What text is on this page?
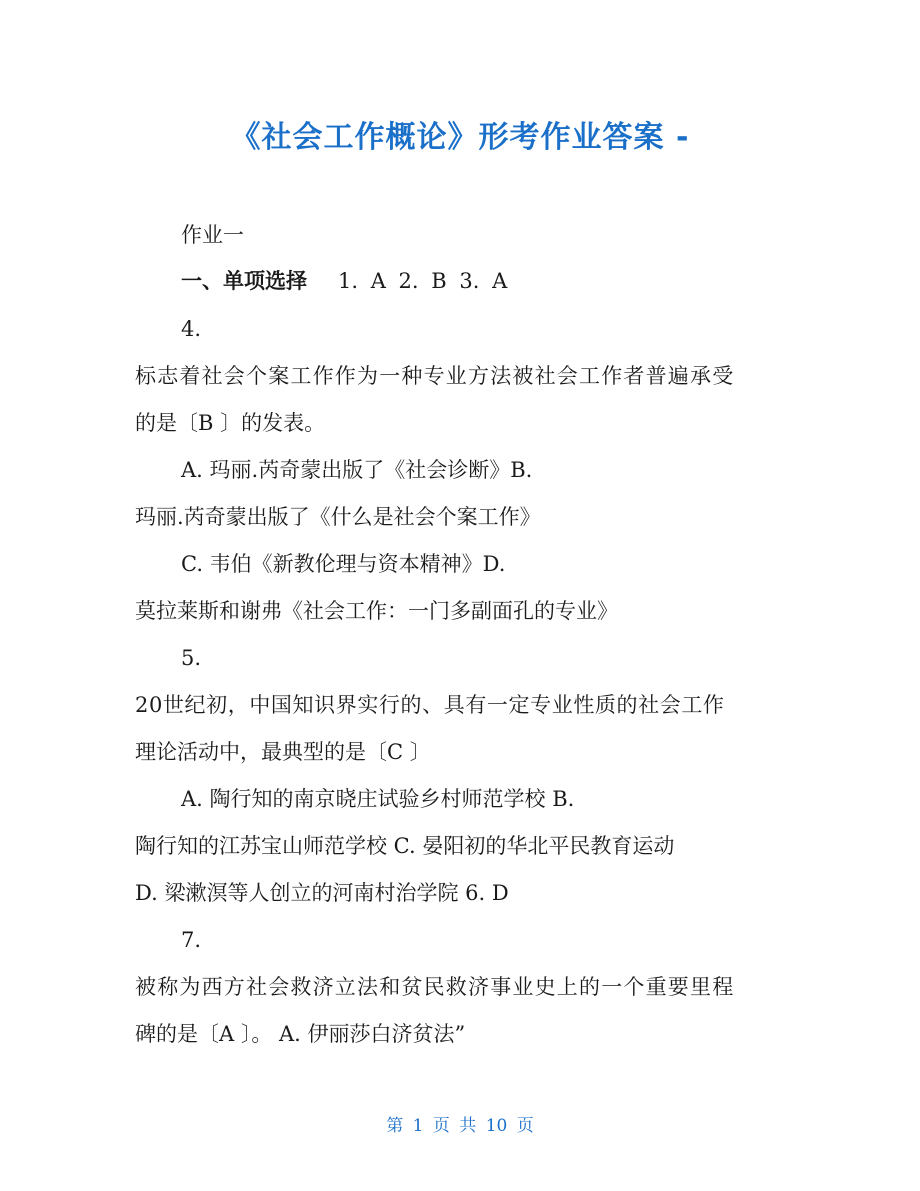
《社会工作概论》形考作业答案 -
作业一
一、单项选择 1. A 2. B 3. A
4.
标志着社会个案工作作为一种专业方法被社会工作者普遍承受
的是〔B 〕的发表。
A. 玛丽.芮奇蒙出版了《社会诊断》B.
玛丽.芮奇蒙出版了《什么是社会个案工作》
C. 韦伯《新教伦理与资本精神》D.
莫拉莱斯和谢弗《社会工作：一门多副面孔的专业》
5.
20世纪初，中国知识界实行的、具有一定专业性质的社会工作
理论活动中，最典型的是〔C 〕
A. 陶行知的南京晓庄试验乡村师范学校 B.
陶行知的江苏宝山师范学校 C. 晏阳初的华北平民教育运动
D. 梁漱溟等人创立的河南村治学院 6. D
7.
被称为西方社会救济立法和贫民救济事业史上的一个重要里程
碑的是〔A 〕。 A. 伊丽莎白济贫法”
第 1 页 共 10 页
